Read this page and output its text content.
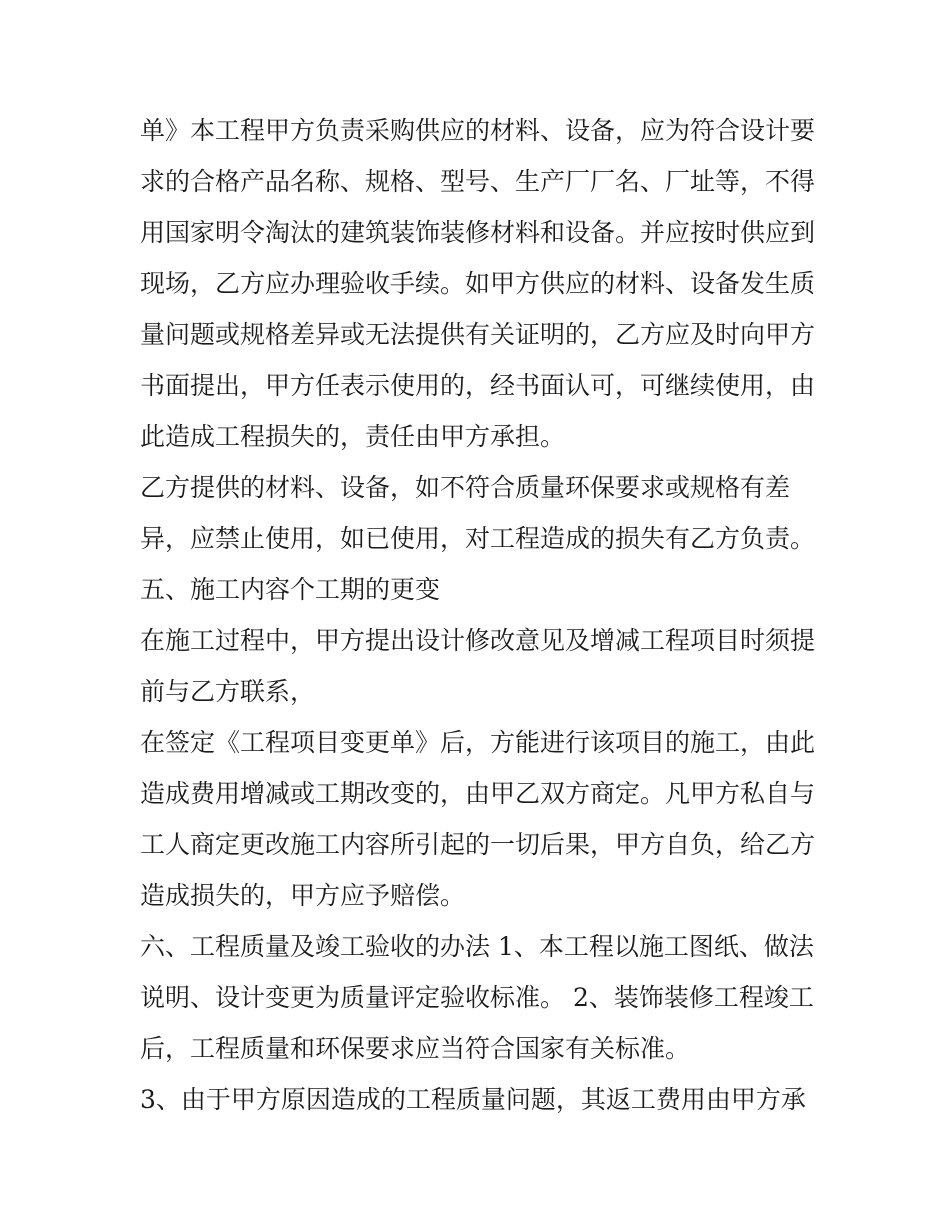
单》本工程甲方负责采购供应的材料、设备，应为符合设计要
求的合格产品名称、规格、型号、生产厂厂名、厂址等，不得
用国家明令淘汰的建筑装饰装修材料和设备。并应按时供应到
现场，乙方应办理验收手续。如甲方供应的材料、设备发生质
量问题或规格差异或无法提供有关证明的，乙方应及时向甲方
书面提出，甲方任表示使用的，经书面认可，可继续使用，由
此造成工程损失的，责任由甲方承担。
乙方提供的材料、设备，如不符合质量环保要求或规格有差
异，应禁止使用，如已使用，对工程造成的损失有乙方负责。
五、施工内容个工期的更变
在施工过程中，甲方提出设计修改意见及增减工程项目时须提
前与乙方联系，
在签定《工程项目变更单》后，方能进行该项目的施工，由此
造成费用增减或工期改变的，由甲乙双方商定。凡甲方私自与
工人商定更改施工内容所引起的一切后果，甲方自负，给乙方
造成损失的，甲方应予赔偿。
六、工程质量及竣工验收的办法 1、本工程以施工图纸、做法
说明、设计变更为质量评定验收标准。 2、装饰装修工程竣工
后，工程质量和环保要求应当符合国家有关标准。
3、由于甲方原因造成的工程质量问题，其返工费用由甲方承
